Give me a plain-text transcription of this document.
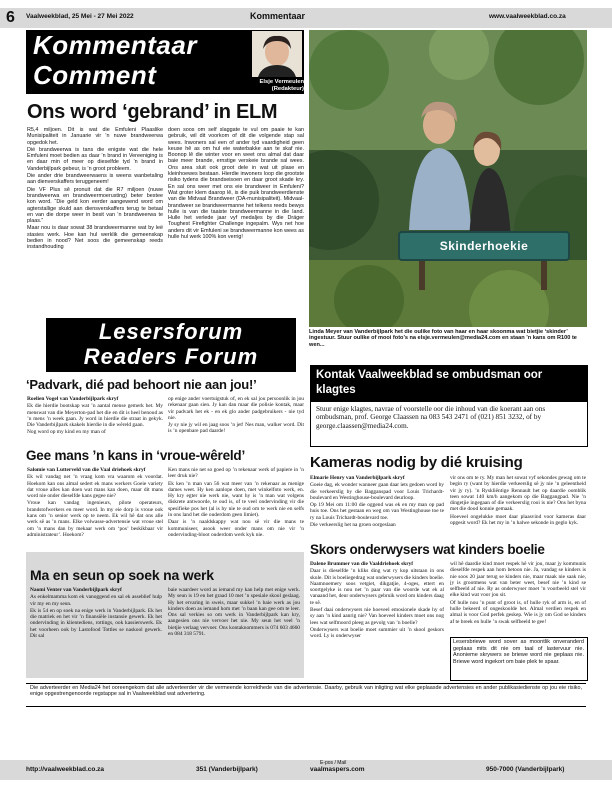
6 Vaalweekblad, 25 Mei - 27 Mei 2022	Kommentaar	www.vaalweekblad.co.za
Kommentaar
Comment	Elsje Vermeulen
(Redakteur)
Ons word ‘gebrand’ in ELM

R5,4 miljoen. Dit is wat die Emfuleni Plaaslike Munisipaliteit in Januarie vir ’n nuwe brandweerwa opgedok het.

Dié brandweerwa is tans die enigste wat die hele Emfuleni moet bedien as daar ’n brand in Vereeniging is en daar min of meer op dieselfde tyd ’n brand in Vanderbijlpark gebeur, is ’n groot probleem.

Die ander drie brandweerwaens is weens wanbetaling aan dienverskaffers teruggeneem!

Die VF Plus sê pronuit dat die R7 miljoen (nuwe brandweerwa en brandweermoerusting) beter bestee kon word. “Die geld kon eerder aangewend word om agterstallige skuld aan diensverskaffers terug te betaal en van die dorpe weer in besit van ’n brandweerwa te plaas.”

Maar nou is daar sowat 38 brandweermanne wat by leë stasies werk. Hoe kan hul werklik die gemeenskap bedien in nood? Net soos die gemeenskap reeds instandhouding

doen soos om self slaggate te vul om paaie te kan gebruik, wil dit voorkom of dit die volgende stap sal wees. Inwoners sal een of ander tyd vaardigheid geen keuse hê as om hul eie waterbakke aan te skaf nie. Boonop lê die winter voor en weet ons almal dat daar baie meer brande, ernstige verskeie brande sal wees. Ons area sluit ook groot dele in wat uit plase en kleinhoewes bestaan. Hierdie inwoners loop die grootste risiko tydens die brandseisoen en daar groot skade kry. En sal ons weer met ons eie brandweer in Emfuleni? Wat groter klem daarop lê, is die puik brandweerdienste van die Midvaal Brandweer (DA-munisipaliteit). Midvaal-brandweer se brandweermanne het telkens reeds bewys hulle is van die taaiste brandweermanne in die land. Hulle het verlede jaar vyf medaljes by die Dräger Toughest Firefighter Challenge ingepalm. Wys net hoe anders dit vir Emfuleni se brandweermanne kon wees as hulle hul werk 100% kon verrig!

Skinderhoekie
Linda Meyer van Vanderbijlpark het die oulike foto van haar en haar skoonma wat bietjie ‘skinder’ ingestuur. Stuur oulike of mooi foto’s na elsje.vermeulen@media24.com en staan ’n kans om R100 te wen...
Lesersforum
Readers Forum
‘Padvark, dié pad behoort nie aan jou!’

Roelien Vogel van Vanderbijlpark skryf

Ek die hierdie bootskap wat ’n aantal mense gemerk het. My menswat van die Meyerton-pad het die en dit is heel benoud as ’n mens ’n week gaan. Jy word in hierdie die straat in gekyk. Die Vanderbijlpark skakels hierdie in die wêreld gaan.

Nog word op my kind en my man of

op enige ander voertuigstuk of, en ek sal jou persoonlik in jou rekenaar gaan sien. Jy kan dan maar die polisie kontak, maar vir padvark het ek - en ek glo ander padgebruikers - nie tyd nie.

Jy sy nie jy wil en jaag soos ’n jet! Nes man, walker word. Dit is ’n openbare pad daarde!

Gee mans ’n kans in ‘vroue-wêreld’

Salomie van Lutterveld van die Vaal driehoek skryf

Ek wil vandag net ’n vraag kom vra waarom ek voordat. Hoekom kan ons almal sedert ek mans werkers Goeie variety dat vroue alles kan doen wat mans kan doen, maar dit mans word nie onder dieselfde kans gegee nie?

Vroue kan vandag ingenieurs, pilote operateurs, brandstofwerkers en meer word. In my eie dorp is vroue ook kans om ’n senior werk op te neem. Ek wil hê dat ons alle werk sê as ’n mans. Elke volwasse-advertensie wat vroue stel om ’n mans dan by mekaar werk om ‘pos’ beskikbaar vir administrateur’. Hoekom?

Ken mans nie net so goed op ’n rekenaar werk of papiere in ’n leer druk nie?

Ek ken ’n man van 56 wat meer van ’n rekenaar as menige dames weet. Hy ken aanlope doen, met winkelfoto werk, en. Hy kry egter nie werk nie, want hy is ’n man wat volgens diskrete antwoorde, te oud is, of te veel ondervinding vir die spesifieke pos het (al is hy nie te oud om te werk nie en selfs in ons land het die ouderdom geen limiet).

Daar is ’n naaldskappy wat nou sê vir die mans te kommuniseer, asook weer onder mans om nie vir ’n ondervinding-bloot ouderdom werk kyk nie.

Kontak Vaalweekblad se ombudsman oor klagtes
Stuur enige klagtes, navrae of voorstelle oor die inhoud van die koerant aan ons ombudsman, prof. George Claassen na 083 543 2471 of (021) 851 3232, of by george.claassen@media24.com.
Kameras nodig by dié kruising

Elmarie Henry van Vanderbijlpark skryf

Goeie dag, ek wonder wanneer gaan daar iets gedoen word by die verkeerslig by die Bagganspad voor Louis Trichardt-boulevard en Westinghouse-boulevard deurloop.

Op 19 Mei om 11:00 die oggend was ek en my man op pad huis toe. Ons het gestaan en weg om van Westinghouse toe te ry na Louis Trichardt-boulevard toe.

Die verkeerslig het na groen oorgeslaan

vir ons om te ry. My man het sowat vyf sekondes gewag om te begin ry (want by hierdie verkeerslig sê jy nie ’n geleentheid vir jy ry). ’n Ryskliëntige Rennault het op daardie oomblik teen sowat 140 km/h aangekom op die Baggangpad. Nie ’n dingetjie ingegaan of die verkeerslig rooi is nie? Ons het byna met die dood konnie gemaak.

Hoeveel ongelukke moet daar plaasvind voor kameras daar opgesit word? Ek het my in ’n halwe sekonde in geglo kyk.

Skors onderwysers wat kinders boelie

Dalene Brummer van die Vaaldriehoek skryf

Daar is dieselfde ’n kliks ding wat ry kop uitstaan in ons skole. Dit is boeliegedrag wat onderwysers die kinders boelie. Naamnoemery soos vetgiet, dikgatjie, 4-oges, ettert en soortgelyke is nou net ’n paar van die woorde wat ek al vanaand het, deur onderwysers gebruik word om kinders daag te sê.

Besef daai onderwysers nie hoeveel emosionele skade hy of sy aan ’n kind aanrig nie? Van hoeveel kinders moet ons nog lees wat selfmoord pleeg as gevolg van ’n boelie?

Onderwysers wat boelie moet summier uit ’n skool geskors word. Ly is onderwyser

wil hê daardie kind moet respek hê vir jou, maar jy kommunis dieselfde respek aan hom betoon nie. Ja, vandag se kinders is nie soos 20 jaar terug se kinders nie, maar maak nie saak nie, jy is grootmens wat van beter weet, besef nie ’n kind se selfbeeld af nie. Ry as onderwyser moet ’n voorbeeld stel vir elke kind wat voor jou sit.

Of hulle nou ’n punt of groot is, of hulle ryk of arm is, en of hulle bekeerd of ongeskoolde het. Almal verdien respek en almal is voor God perfek geskep. Wie is jy om God se kinders af te breek en hulle ’n swak selfbeeld te gee!

Ma en seun op soek na werk

Naomi Venter van Vanderbijlpark skryf

As enkelmamma kom ek vanoggend en sal ek asseblief hulp vir my en my seun.

Ek is 54 en op soek na enige werk in Vanderbijlpark. Ek het die matriek en het vir ’n finansiële instansie gewerk. Ek het ondervinding in klientediens, rottings, ook kassierswerk. Ek het voorheen ook by Lastofood Tottles se naskool gewerk. Dit sal

baie waardeer word as iemand my kan help met enige werk. My seun is 19 en het graad 10 met ’n spesiale skool geslaag. Hy het ervaring in sweis, maar sukkel ’n baie werk as jou kinders doen as iemand hom met ’n baan kan gee om te leer. Ons sal verkies so om werk in Vanderbijlpark kan kry, aangesien ons nie vervoer het nie. My seun het veel ’n bietjie verlaag vervoer. Ons kontaknommers is 074 603 4660 en 084 318 5791.

Lesersbriewe word sover as moontlik onveranderd geplaas mits dit nie om taal of lastervuur nie. Anonieme skrywers se briewe word nie geplaas nie. Briewe word ingekort om baie plek te spaar.
Die adverteerder en Media24 het ooreengekom dat alle adverteerder vir die vermeende korrekthede van die advertensie. Daarby, gebruik van inligting wat elke geplaasde advertensies en ander publikasiedienste op jou eie risiko, enige opgestrengenoorde regstappe sal in Vaalweekblad wat advertering.
http://vaalweekblad.co.za	351 (Vanderbijlpark)
E-pos / Mail
vaalmaspers.com	950-7000 (Vanderbijlpark)
